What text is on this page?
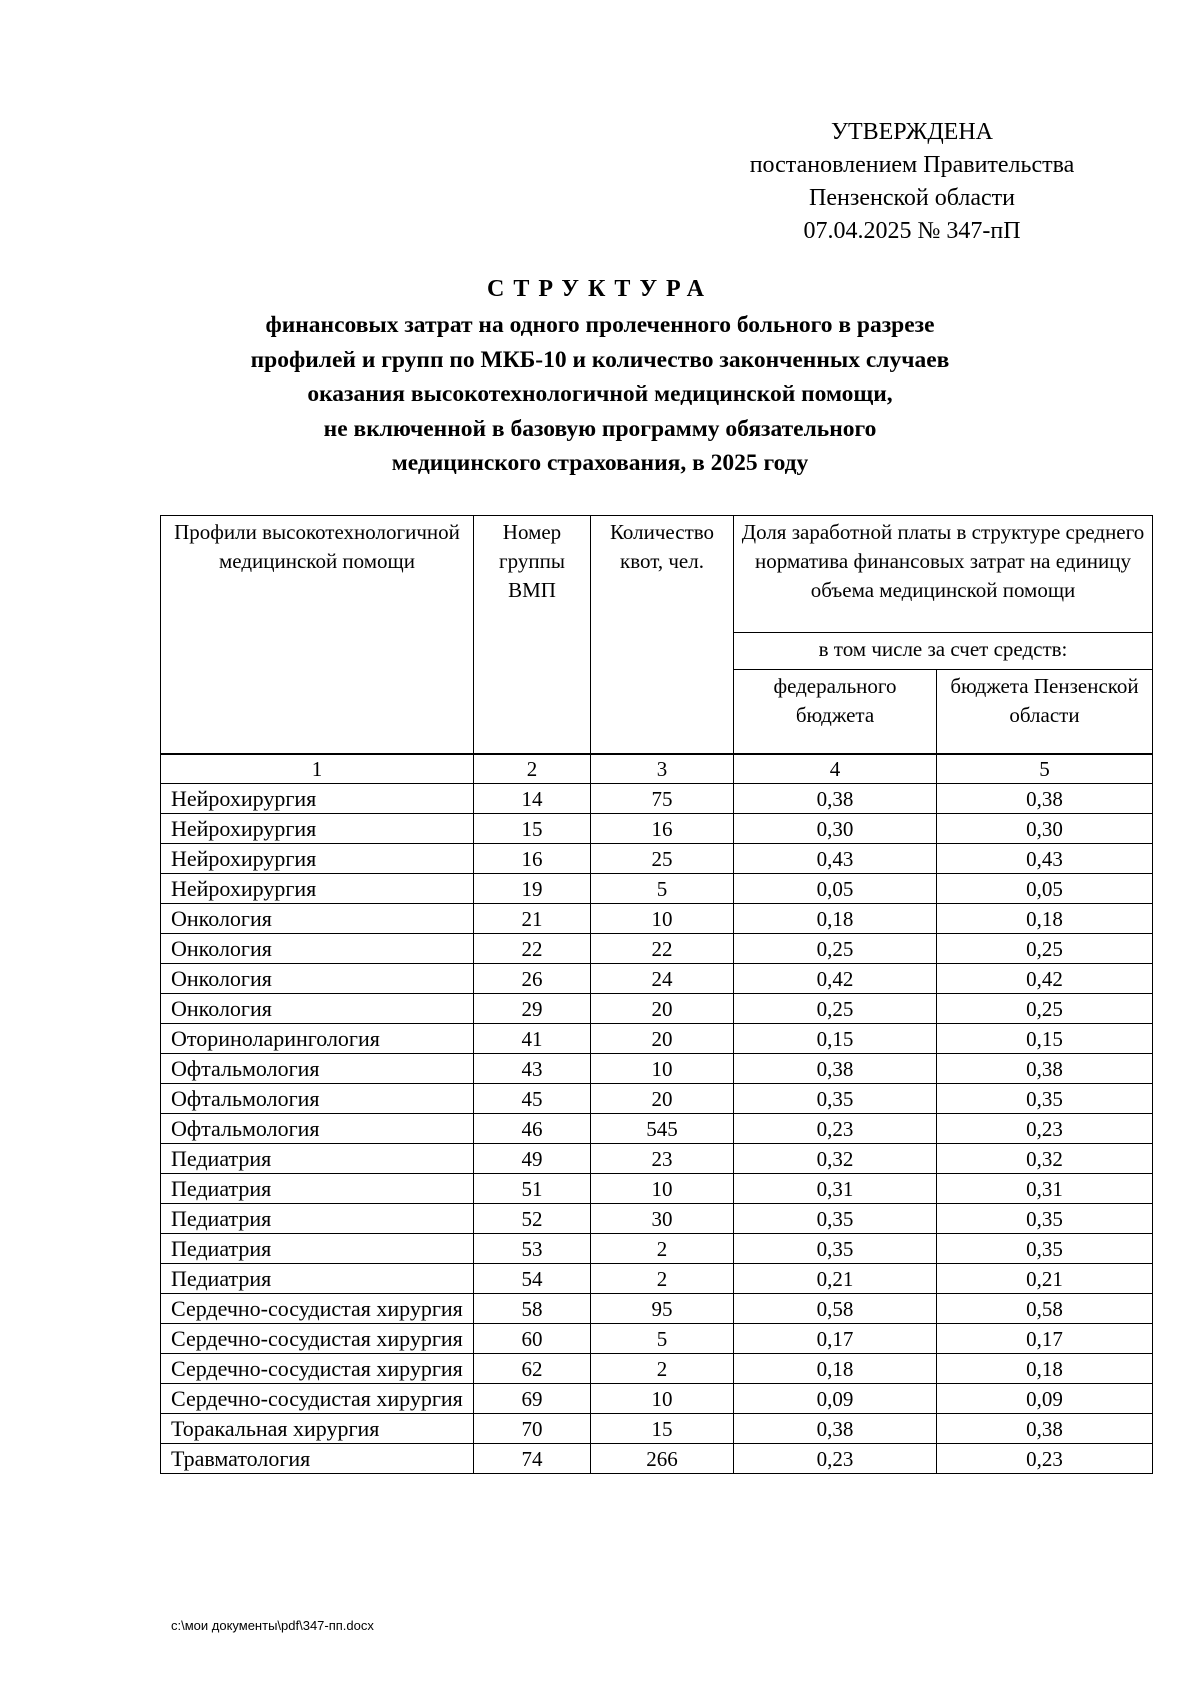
УТВЕРЖДЕНА
постановлением Правительства
Пензенской области
07.04.2025 № 347-пП
СТРУКТУРА
финансовых затрат на одного пролеченного больного в разрезе
профилей и групп по МКБ-10 и количество законченных случаев
оказания высокотехнологичной медицинской помощи,
не включенной в базовую программу обязательного
медицинского страхования, в 2025 году
Профили высокотехнологичной медицинской помощи	Номер группы ВМП	Количество квот, чел.	Доля заработной платы в структуре среднего норматива финансовых затрат на единицу объема медицинской помощи	
			в том числе за счет средств:	
			федерального бюджета	бюджета Пензенской области
1	2	3	4	5
Нейрохирургия	14	75	0,38	0,38
Нейрохирургия	15	16	0,30	0,30
Нейрохирургия	16	25	0,43	0,43
Нейрохирургия	19	5	0,05	0,05
Онкология	21	10	0,18	0,18
Онкология	22	22	0,25	0,25
Онкология	26	24	0,42	0,42
Онкология	29	20	0,25	0,25
Оториноларингология	41	20	0,15	0,15
Офтальмология	43	10	0,38	0,38
Офтальмология	45	20	0,35	0,35
Офтальмология	46	545	0,23	0,23
Педиатрия	49	23	0,32	0,32
Педиатрия	51	10	0,31	0,31
Педиатрия	52	30	0,35	0,35
Педиатрия	53	2	0,35	0,35
Педиатрия	54	2	0,21	0,21
Сердечно-сосудистая хирургия	58	95	0,58	0,58
Сердечно-сосудистая хирургия	60	5	0,17	0,17
Сердечно-сосудистая хирургия	62	2	0,18	0,18
Сердечно-сосудистая хирургия	69	10	0,09	0,09
Торакальная хирургия	70	15	0,38	0,38
Травматология	74	266	0,23	0,23
c:\мои документы\pdf\347-пп.docx
